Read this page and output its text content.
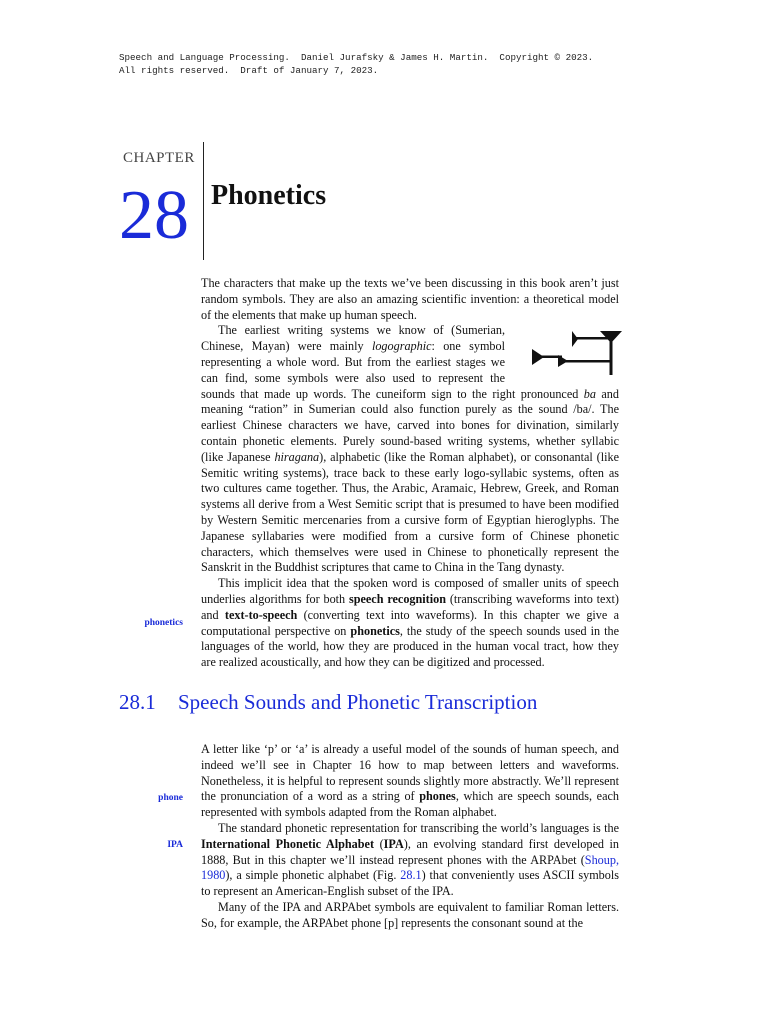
Speech and Language Processing.  Daniel Jurafsky & James H. Martin.  Copyright © 2023.  All rights reserved.  Draft of January 7, 2023.
CHAPTER
28 Phonetics

The characters that make up the texts we’ve been discussing in this book aren’t just random symbols. They are also an amazing scientific invention: a theoretical model of the elements that make up human speech.

The earliest writing systems we know of (Sumerian, Chinese, Mayan) were mainly logographic: one symbol representing a whole word. But from the earliest stages we can find, some symbols were also used to represent the sounds that made up words. The cuneiform sign to the right pronounced ba and meaning “ration” in Sumerian could also function purely as the sound /ba/. The earliest Chinese characters we have, carved into bones for divination, similarly contain phonetic elements. Purely sound-based writing systems, whether syllabic (like Japanese hiragana), alphabetic (like the Roman alphabet), or consonantal (like Semitic writing systems), trace back to these early logo-syllabic systems, often as two cultures came together. Thus, the Arabic, Aramaic, Hebrew, Greek, and Roman systems all derive from a West Semitic script that is presumed to have been modified by Western Semitic mercenaries from a cursive form of Egyptian hieroglyphs. The Japanese syllabaries were modified from a cursive form of Chinese phonetic characters, which themselves were used in Chinese to phonetically represent the Sanskrit in the Buddhist scriptures that came to China in the Tang dynasty.

This implicit idea that the spoken word is composed of smaller units of speech underlies algorithms for both speech recognition (transcribing waveforms into text) and text-to-speech (converting text into waveforms). In this chapter we give a computational perspective on phonetics, the study of the speech sounds used in the languages of the world, how they are produced in the human vocal tract, how they are realized acoustically, and how they can be digitized and processed.

phonetics
28.1 Speech Sounds and Phonetic Transcription

A letter like ‘p’ or ‘a’ is already a useful model of the sounds of human speech, and indeed we’ll see in Chapter 16 how to map between letters and waveforms. Nonetheless, it is helpful to represent sounds slightly more abstractly. We’ll represent the pronunciation of a word as a string of phones, which are speech sounds, each represented with symbols adapted from the Roman alphabet.

The standard phonetic representation for transcribing the world’s languages is the International Phonetic Alphabet (IPA), an evolving standard first developed in 1888, But in this chapter we’ll instead represent phones with the ARPAbet (Shoup, 1980), a simple phonetic alphabet (Fig. 28.1) that conveniently uses ASCII symbols to represent an American-English subset of the IPA.

Many of the IPA and ARPAbet symbols are equivalent to familiar Roman letters. So, for example, the ARPAbet phone [p] represents the consonant sound at the

phone
IPA
